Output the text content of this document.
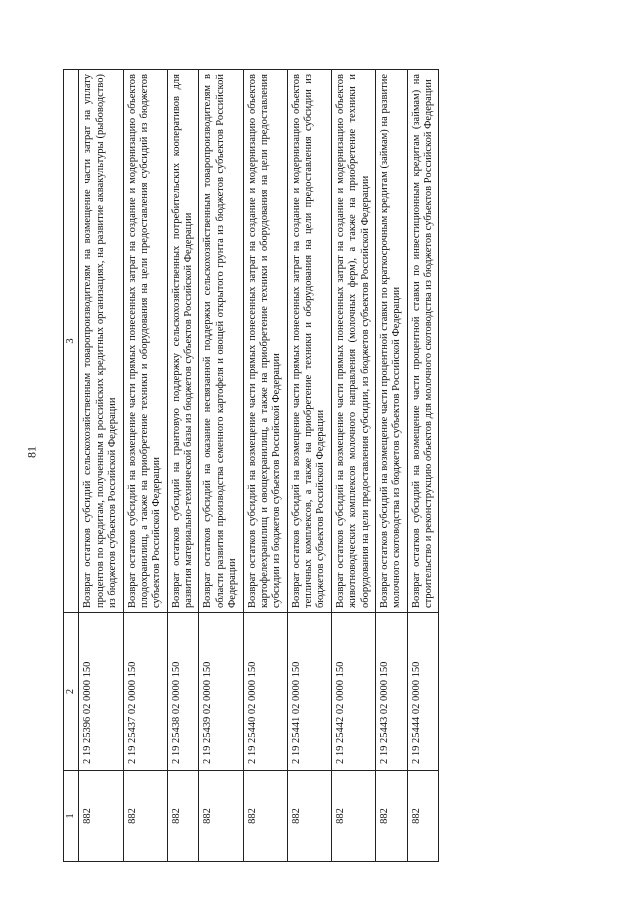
81
1	2	3
882	2 19 25396 02 0000 150	Возврат остатков субсидий сельскохозяйственным товаропроизводителям на возмещение части затрат на уплату процентов по кредитам, полученным в российских кредитных организациях, на развитие аквакультуры (рыбоводство) из бюджетов субъектов Российской Федерации
882	2 19 25437 02 0000 150	Возврат остатков субсидий на возмещение части прямых понесенных затрат на создание и модернизацию объектов плодохранилищ, а также на приобретение техники и оборудования на цели предоставления субсидий из бюджетов субъектов Российской Федерации
882	2 19 25438 02 0000 150	Возврат остатков субсидий на грантовую поддержку сельскохозяйственных потребительских кооперативов для развития материально-технической базы из бюджетов субъектов Российской Федерации
882	2 19 25439 02 0000 150	Возврат остатков субсидий на оказание несвязанной поддержки сельскохозяйственным товаропроизводителям в области развития производства семенного картофеля и овощей открытого грунта из бюджетов субъектов Российской Федерации
882	2 19 25440 02 0000 150	Возврат остатков субсидий на возмещение части прямых понесенных затрат на создание и модернизацию объектов картофелехранилищ и овощехранилищ, а также на приобретение техники и оборудования на цели предоставления субсидии из бюджетов субъектов Российской Федерации
882	2 19 25441 02 0000 150	Возврат остатков субсидий на возмещение части прямых понесенных затрат на создание и модернизацию объектов тепличных комплексов, а также на приобретение техники и оборудования на цели предоставления субсидии из бюджетов субъектов Российской Федерации
882	2 19 25442 02 0000 150	Возврат остатков субсидий на возмещение части прямых понесенных затрат на создание и модернизацию объектов животноводческих комплексов молочного направления (молочных ферм), а также на приобретение техники и оборудования на цели предоставления субсидии, из бюджетов субъектов Российской Федерации
882	2 19 25443 02 0000 150	Возврат остатков субсидий на возмещение части процентной ставки по краткосрочным кредитам (займам) на развитие молочного скотоводства из бюджетов субъектов Российской Федерации
882	2 19 25444 02 0000 150	Возврат остатков субсидий на возмещение части процентной ставки по инвестиционным кредитам (займам) на строительство и реконструкцию объектов для молочного скотоводства из бюджетов субъектов Российской Федерации
